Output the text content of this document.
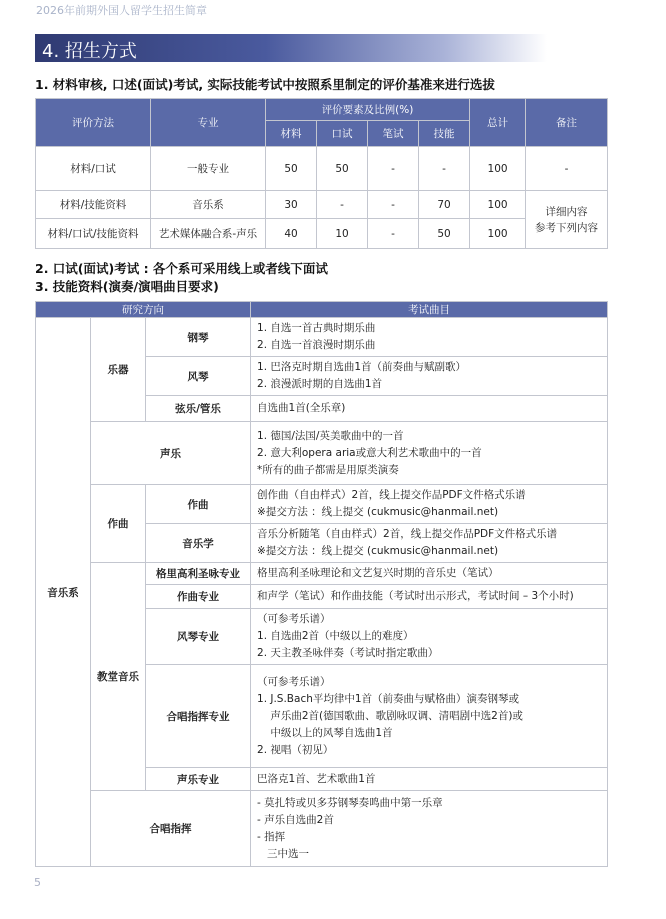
2026年前期外国人留学生招生简章
4. 招生方式
1. 材料审核, 口述(面试)考试, 实际技能考试中按照系里制定的评价基准来进行选拔
评价方法	专业	评价要素及比例(%)				总计	备注
		材料	口试	笔试	技能		
材料/口试	一般专业	50	50	-	-	100	-
材料/技能资料	音乐系	30	-	-	70	100	详细内容
参考下列内容

材料/口试/技能资料	艺术媒体融合系-声乐	40	10	-	50	100	
2. 口试(面试)考试 : 各个系可采用线上或者线下面试
3. 技能资料(演奏/演唱曲目要求)
研究方向			考试曲目
音乐系	乐器	钢琴	1. 自选一首古典时期乐曲
2. 自选一首浪漫时期乐曲

		风琴	1. 巴洛克时期自选曲1首（前奏曲与赋副歌）
2. 浪漫派时期的自选曲1首

		弦乐/管乐	自选曲1首(全乐章)
	声乐		1. 德国/法国/英美歌曲中的一首
2. 意大利opera aria或意大利艺术歌曲中的一首
*所有的曲子都需是用原类演奏

	作曲	作曲	创作曲（自由样式）2首，线上提交作品PDF文件格式乐谱
※提交方法 ：线上提交 (cukmusic@hanmail.net)

		音乐学	音乐分析随笔（自由样式）2首，线上提交作品PDF文件格式乐谱
※提交方法 ：线上提交 (cukmusic@hanmail.net)

	教堂音乐	格里高利圣咏专业	格里高利圣咏理论和文艺复兴时期的音乐史（笔试）
		作曲专业	和声学（笔试）和作曲技能（考试时出示形式，考试时间 – 3个小时)
		风琴专业	（可参考乐谱）
1. 自选曲2首（中级以上的难度）
2. 天主教圣咏伴奏（考试时指定歌曲）

		合唱指挥专业	（可参考乐谱）
1. J.S.Bach平均律中1首（前奏曲与赋格曲）演奏钢琴或
声乐曲2首(德国歌曲、歌剧咏叹调、清唱剧中选2首)或
中级以上的风琴自选曲1首
2. 视唱（初见）

		声乐专业	巴洛克1首、艺术歌曲1首
	合唱指挥		- 莫扎特或贝多芬钢琴奏鸣曲中第一乐章
- 声乐自选曲2首
- 指挥
三中选一
5
